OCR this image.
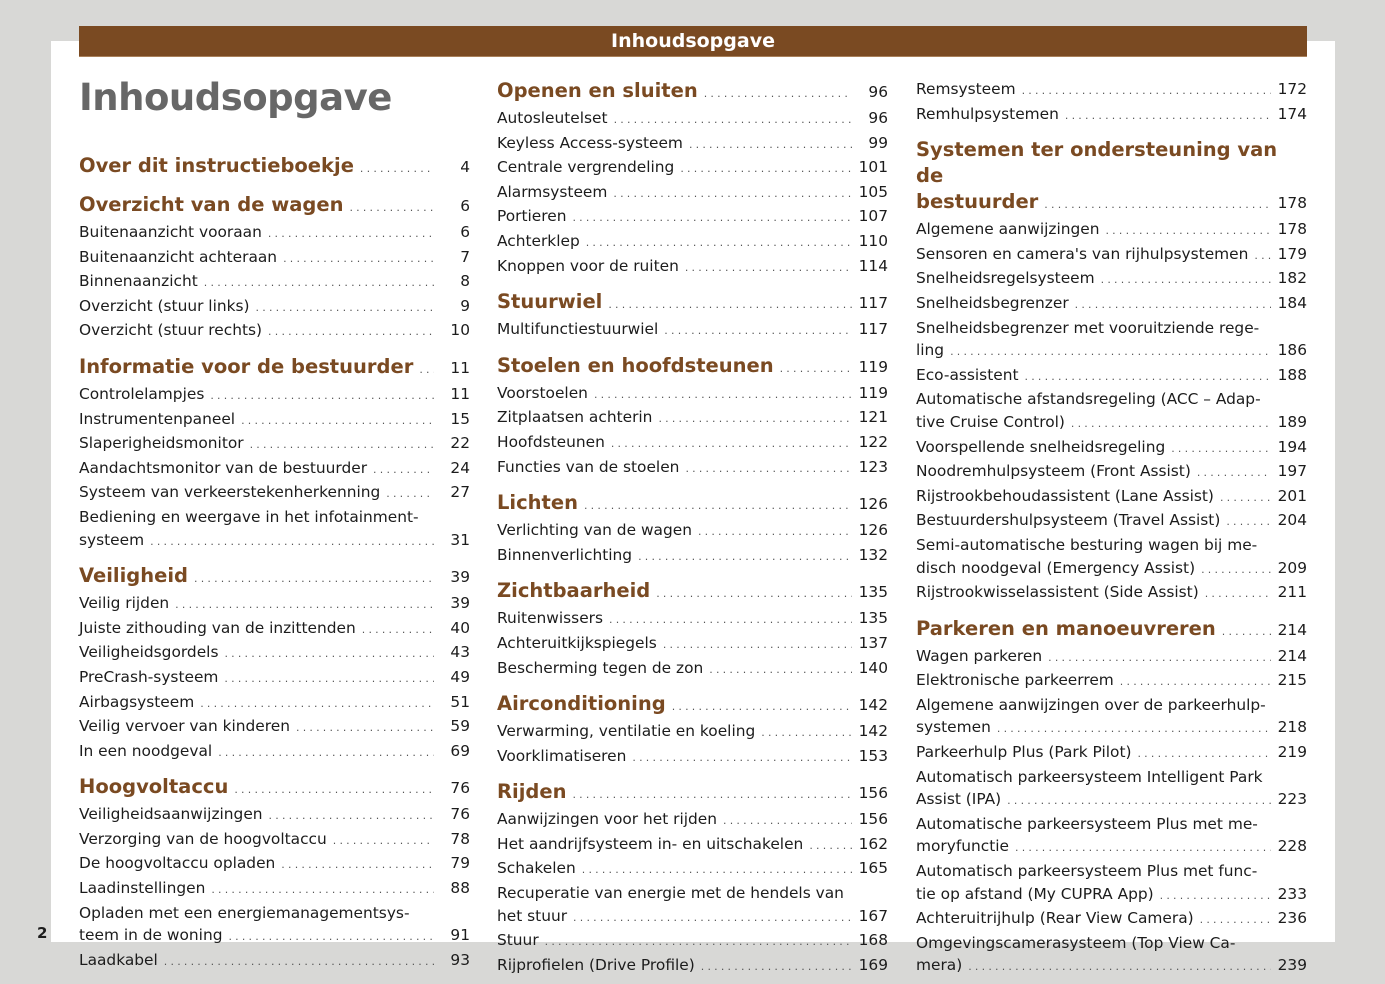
Inhoudsopgave
Inhoudsopgave
2
Over dit instructieboekje .....	4
Overzicht van de wagen .....	6
Buitenaanzicht vooraan .....	6
Buitenaanzicht achteraan .....	7
Binnenaanzicht .....	8
Overzicht (stuur links) .....	9
Overzicht (stuur rechts) .....	10
Informatie voor de bestuurder .....	11
Controlelampjes .....	11
Instrumentenpaneel .....	15
Slaperigheidsmonitor .....	22
Aandachtsmonitor van de bestuurder .....	24
Systeem van verkeerstekenherkenning .....	27
Bediening en weergave in het infotainment-
systeem .....	31
Veiligheid .....	39
Veilig rijden .....	39
Juiste zithouding van de inzittenden .....	40
Veiligheidsgordels .....	43
PreCrash-systeem .....	49
Airbagsysteem .....	51
Veilig vervoer van kinderen .....	59
In een noodgeval .....	69
Hoogvoltaccu .....	76
Veiligheidsaanwijzingen .....	76
Verzorging van de hoogvoltaccu .....	78
De hoogvoltaccu opladen .....	79
Laadinstellingen .....	88
Opladen met een energiemanagementsys-
teem in de woning .....	91
Laadkabel .....	93
Openen en sluiten .....	96
Autosleutelset .....	96
Keyless Access-systeem .....	99
Centrale vergrendeling .....	101
Alarmsysteem .....	105
Portieren .....	107
Achterklep .....	110
Knoppen voor de ruiten .....	114
Stuurwiel .....	117
Multifunctiestuurwiel .....	117
Stoelen en hoofdsteunen .....	119
Voorstoelen .....	119
Zitplaatsen achterin .....	121
Hoofdsteunen .....	122
Functies van de stoelen .....	123
Lichten .....	126
Verlichting van de wagen .....	126
Binnenverlichting .....	132
Zichtbaarheid .....	135
Ruitenwissers .....	135
Achteruitkijkspiegels .....	137
Bescherming tegen de zon .....	140
Airconditioning .....	142
Verwarming, ventilatie en koeling .....	142
Voorklimatiseren .....	153
Rijden .....	156
Aanwijzingen voor het rijden .....	156
Het aandrijfsysteem in- en uitschakelen .....	162
Schakelen .....	165
Recuperatie van energie met de hendels van
het stuur .....	167
Stuur .....	168
Rijprofielen (Drive Profile) .....	169
Remsysteem .....	172
Remhulpsystemen .....	174
Systemen ter ondersteuning van de
bestuurder .....	178
Algemene aanwijzingen .....	178
Sensoren en camera's van rijhulpsystemen .....	179
Snelheidsregelsysteem .....	182
Snelheidsbegrenzer .....	184
Snelheidsbegrenzer met vooruitziende rege-
ling .....	186
Eco-assistent .....	188
Automatische afstandsregeling (ACC – Adap-
tive Cruise Control) .....	189
Voorspellende snelheidsregeling .....	194
Noodremhulpsysteem (Front Assist) .....	197
Rijstrookbehoudassistent (Lane Assist) .....	201
Bestuurdershulpsysteem (Travel Assist) .....	204
Semi-automatische besturing wagen bij me-
disch noodgeval (Emergency Assist) .....	209
Rijstrookwisselassistent (Side Assist) .....	211
Parkeren en manoeuvreren .....	214
Wagen parkeren .....	214
Elektronische parkeerrem .....	215
Algemene aanwijzingen over de parkeerhulp-
systemen .....	218
Parkeerhulp Plus (Park Pilot) .....	219
Automatisch parkeersysteem Intelligent Park
Assist (IPA) .....	223
Automatische parkeersysteem Plus met me-
moryfunctie .....	228
Automatisch parkeersysteem Plus met func-
tie op afstand (My CUPRA App) .....	233
Achteruitrijhulp (Rear View Camera) .....	236
Omgevingscamerasysteem (Top View Ca-
mera) .....	239
